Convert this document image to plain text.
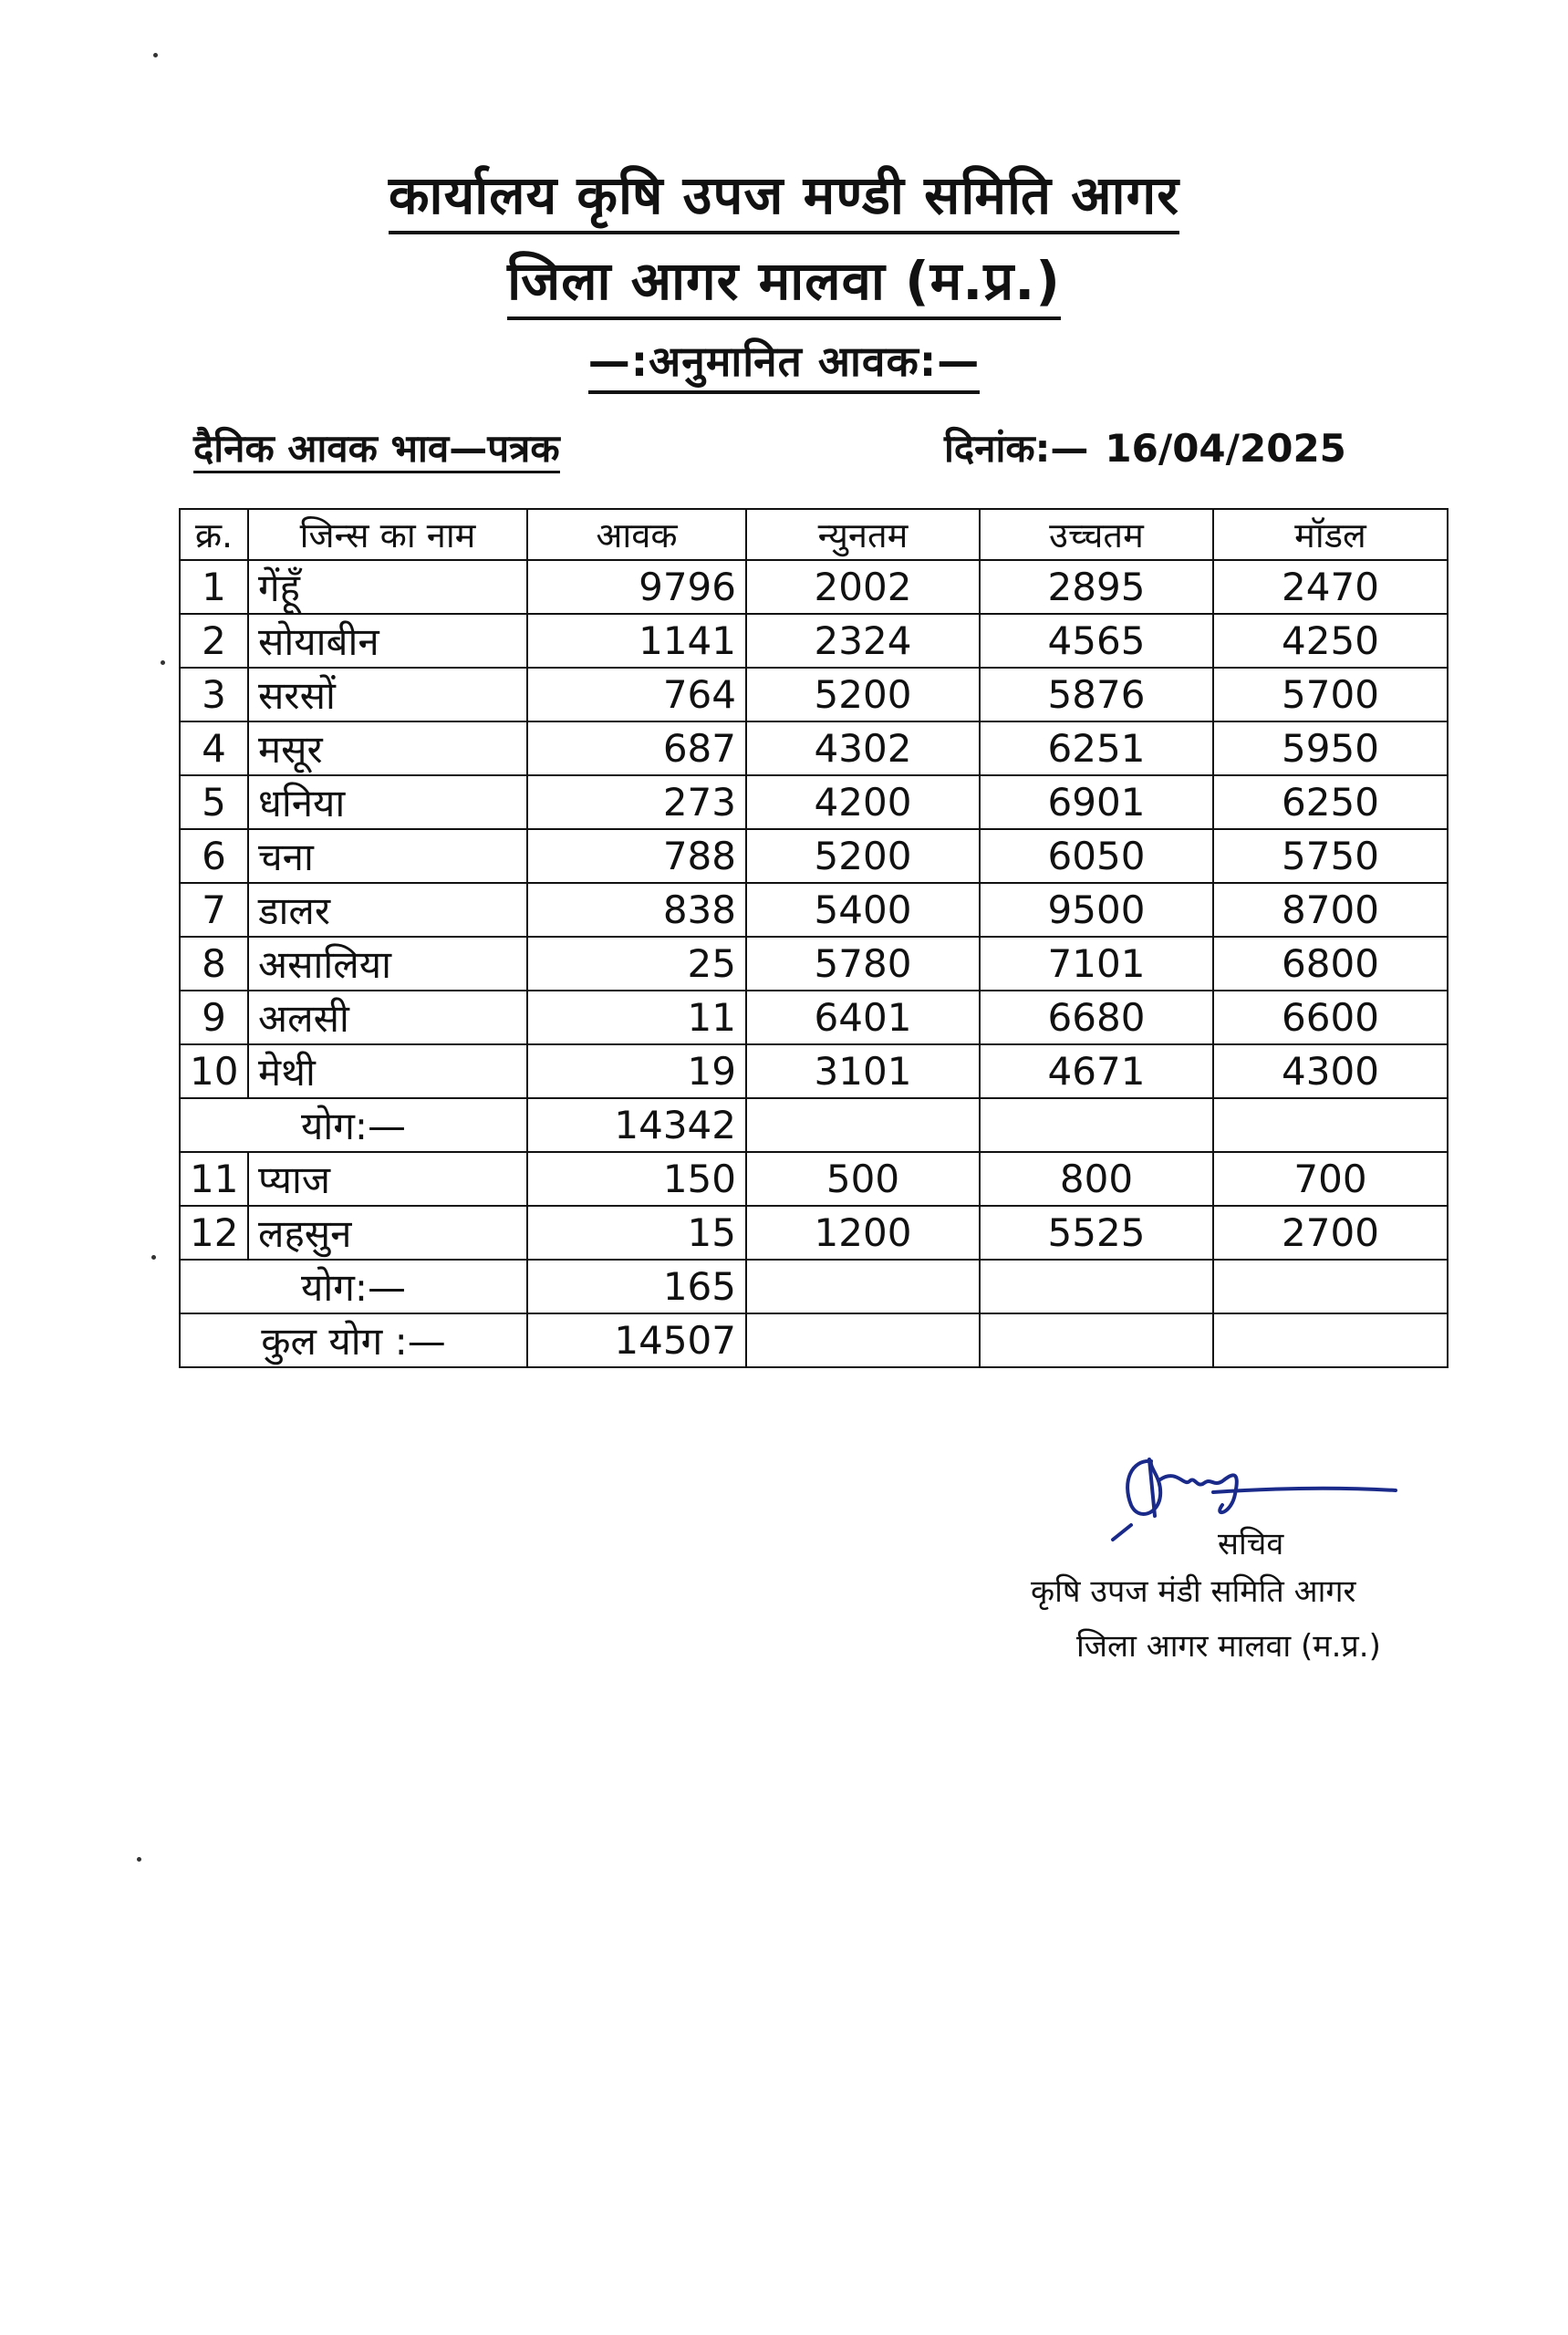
कार्यालय कृषि उपज मण्डी समिति आगर
जिला आगर मालवा (म.प्र.)
—:अनुमानित आवक:—
दैनिक आवक भाव—पत्रक	दिनांक:— 16/04/2025
क्र.	जिन्स का नाम	आवक	न्युनतम	उच्चतम	मॉडल
1	गेंहूँ	9796	2002	2895	2470
2	सोयाबीन	1141	2324	4565	4250
3	सरसों	764	5200	5876	5700
4	मसूर	687	4302	6251	5950
5	धनिया	273	4200	6901	6250
6	चना	788	5200	6050	5750
7	डालर	838	5400	9500	8700
8	असालिया	25	5780	7101	6800
9	अलसी	11	6401	6680	6600
10	मेथी	19	3101	4671	4300
योग:—		14342			
11	प्याज	150	500	800	700
12	लहसुन	15	1200	5525	2700
योग:—		165			
कुल योग :—		14507			
सचिव
कृषि उपज मंडी समिति आगर
जिला आगर मालवा (म.प्र.)
